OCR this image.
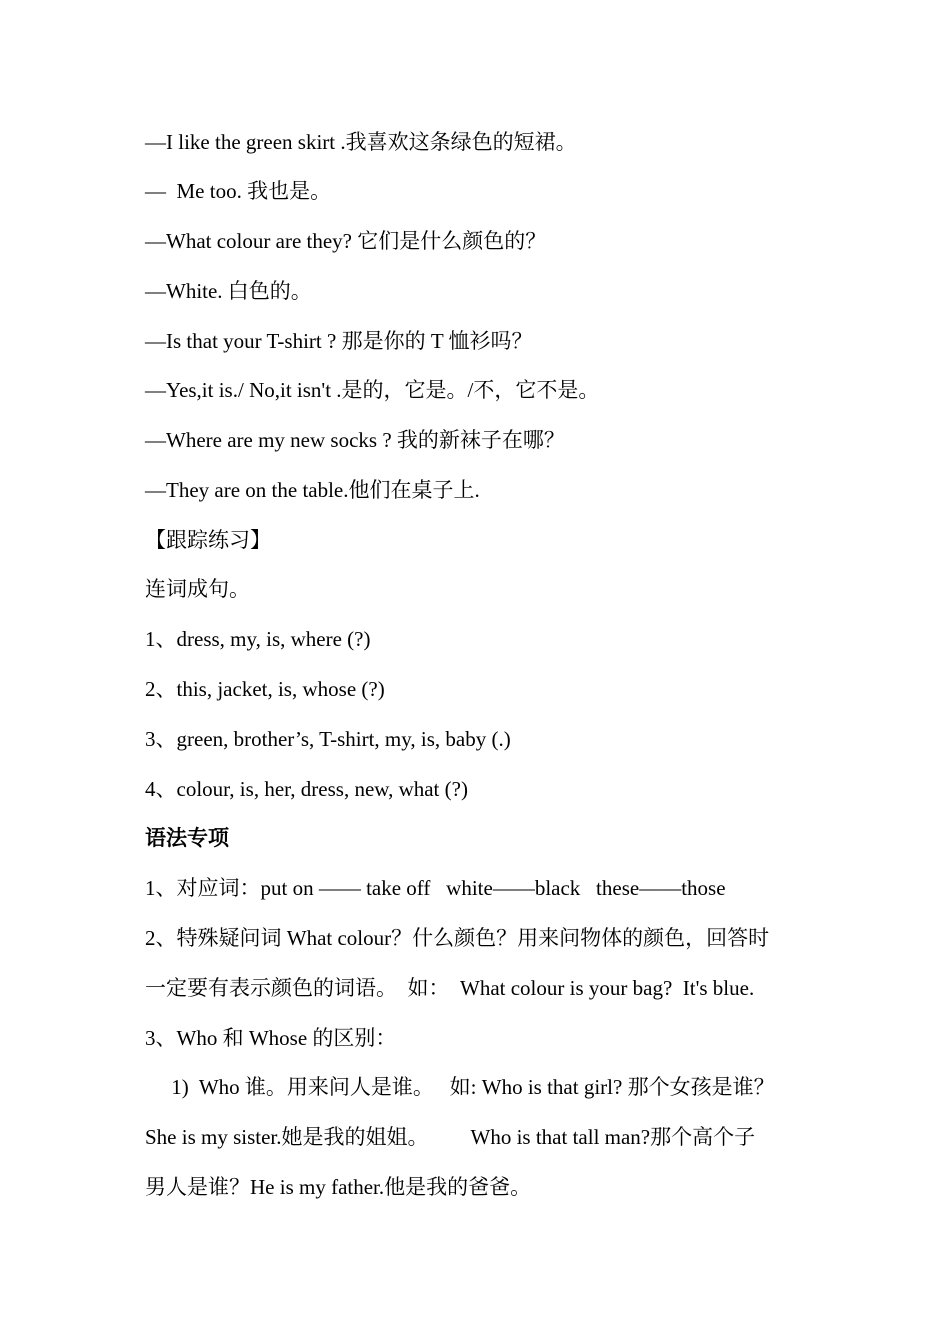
—I like the green skirt .我喜欢这条绿色的短裙。
—  Me too. 我也是。
—What colour are they? 它们是什么颜色的？
—White. 白色的。
—Is that your T-shirt ? 那是你的 T 恤衫吗？
—Yes,it is./ No,it isn't .是的，它是。/不，它不是。
—Where are my new socks ? 我的新袜子在哪？
—They are on the table.他们在桌子上.
【跟踪练习】
连词成句。
1、dress, my, is, where (?)
2、this, jacket, is, whose (?)
3、green, brother’s, T-shirt, my, is, baby (.)
4、colour, is, her, dress, new, what (?)
语法专项
1、对应词：put on —— take off   white——black   these——those
2、特殊疑问词 What colour？什么颜色？用来问物体的颜色，回答时
一定要有表示颜色的词语。  如：  What colour is your bag?  It's blue.
3、Who 和 Whose 的区别：
1)  Who 谁。用来问人是谁。   如: Who is that girl? 那个女孩是谁？
She is my sister.她是我的姐姐。        Who is that tall man?那个高个子
男人是谁？He is my father.他是我的爸爸。
